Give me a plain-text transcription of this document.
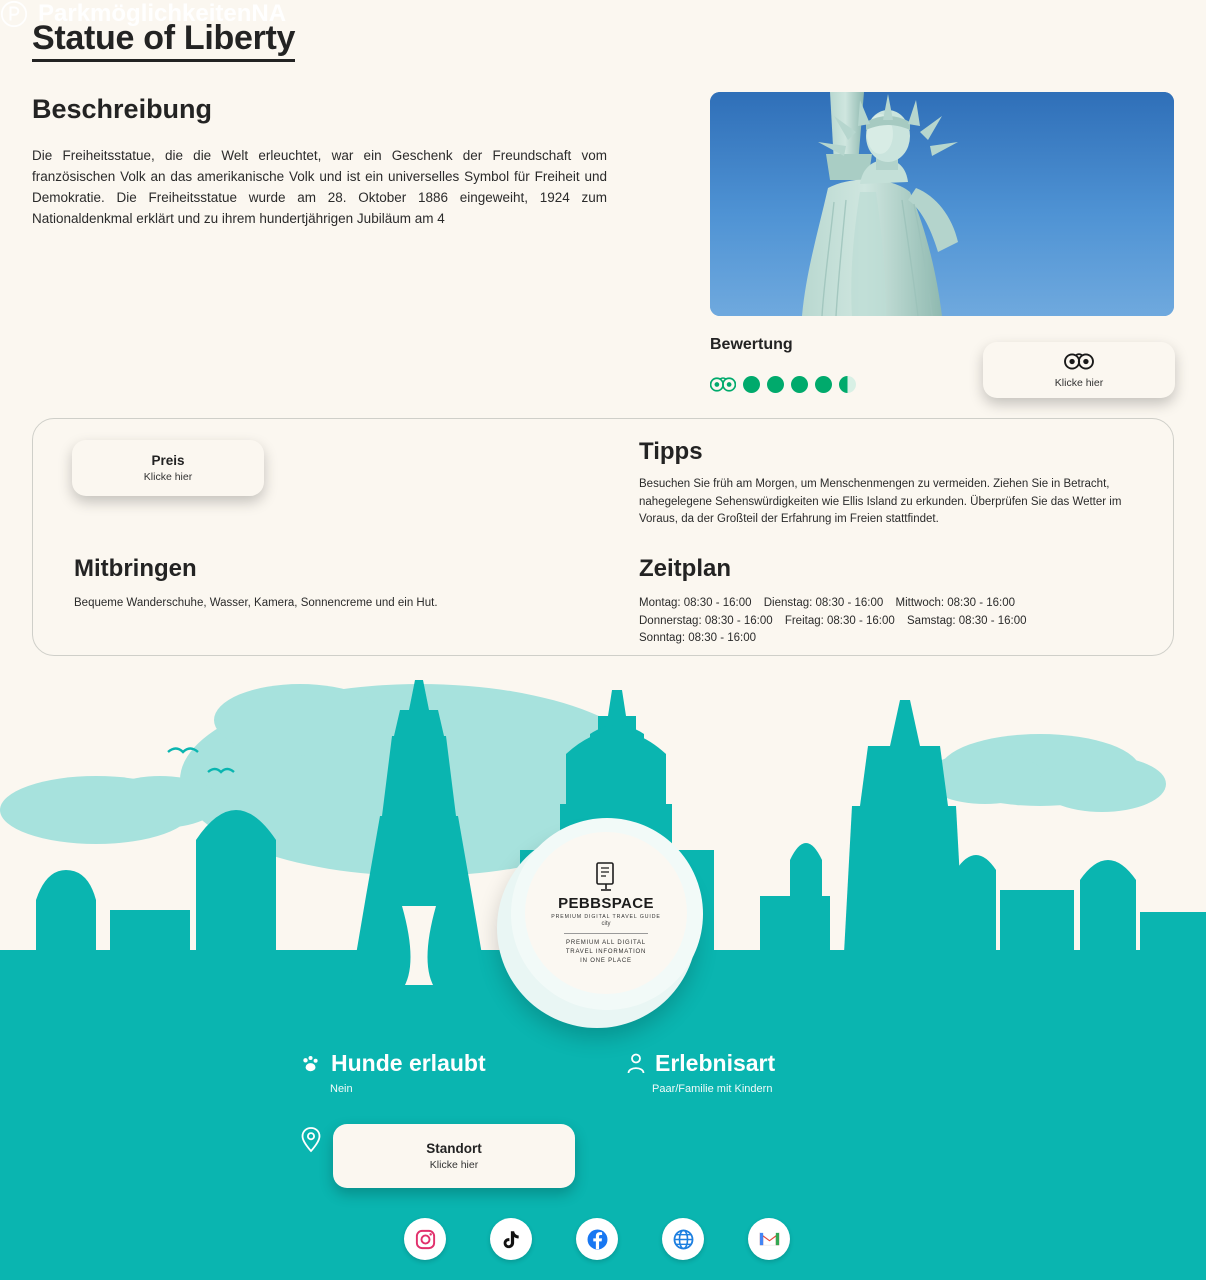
Statue of Liberty
Beschreibung
Die Freiheitsstatue, die die Welt erleuchtet, war ein Geschenk der Freundschaft vom französischen Volk an das amerikanische Volk und ist ein universelles Symbol für Freiheit und Demokratie. Die Freiheitsstatue wurde am 28. Oktober 1886 eingeweiht, 1924 zum Nationaldenkmal erklärt und zu ihrem hundertjährigen Jubiläum am 4
Bewertung
Klicke hier
Preis
Klicke hier
Tipps
Besuchen Sie früh am Morgen, um Menschenmengen zu vermeiden. Ziehen Sie in Betracht, nahegelegene Sehenswürdigkeiten wie Ellis Island zu erkunden. Überprüfen Sie das Wetter im Voraus, da der Großteil der Erfahrung im Freien stattfindet.
Mitbringen
Bequeme Wanderschuhe, Wasser, Kamera, Sonnencreme und ein Hut.
Zeitplan
Montag: 08:30 - 16:00 Dienstag: 08:30 - 16:00 Mittwoch: 08:30 - 16:00 Donnerstag: 08:30 - 16:00 Freitag: 08:30 - 16:00 Samstag: 08:30 - 16:00 Sonntag: 08:30 - 16:00
PEBBSPACE
PREMIUM DIGITAL TRAVEL GUIDE
city
PREMIUM ALL DIGITAL
TRAVEL INFORMATION
IN ONE PLACE
Hunde erlaubt
Nein
Erlebnisart
Paar/Familie mit Kindern
ParkmöglichkeitenNA
Standort
Klicke hier
